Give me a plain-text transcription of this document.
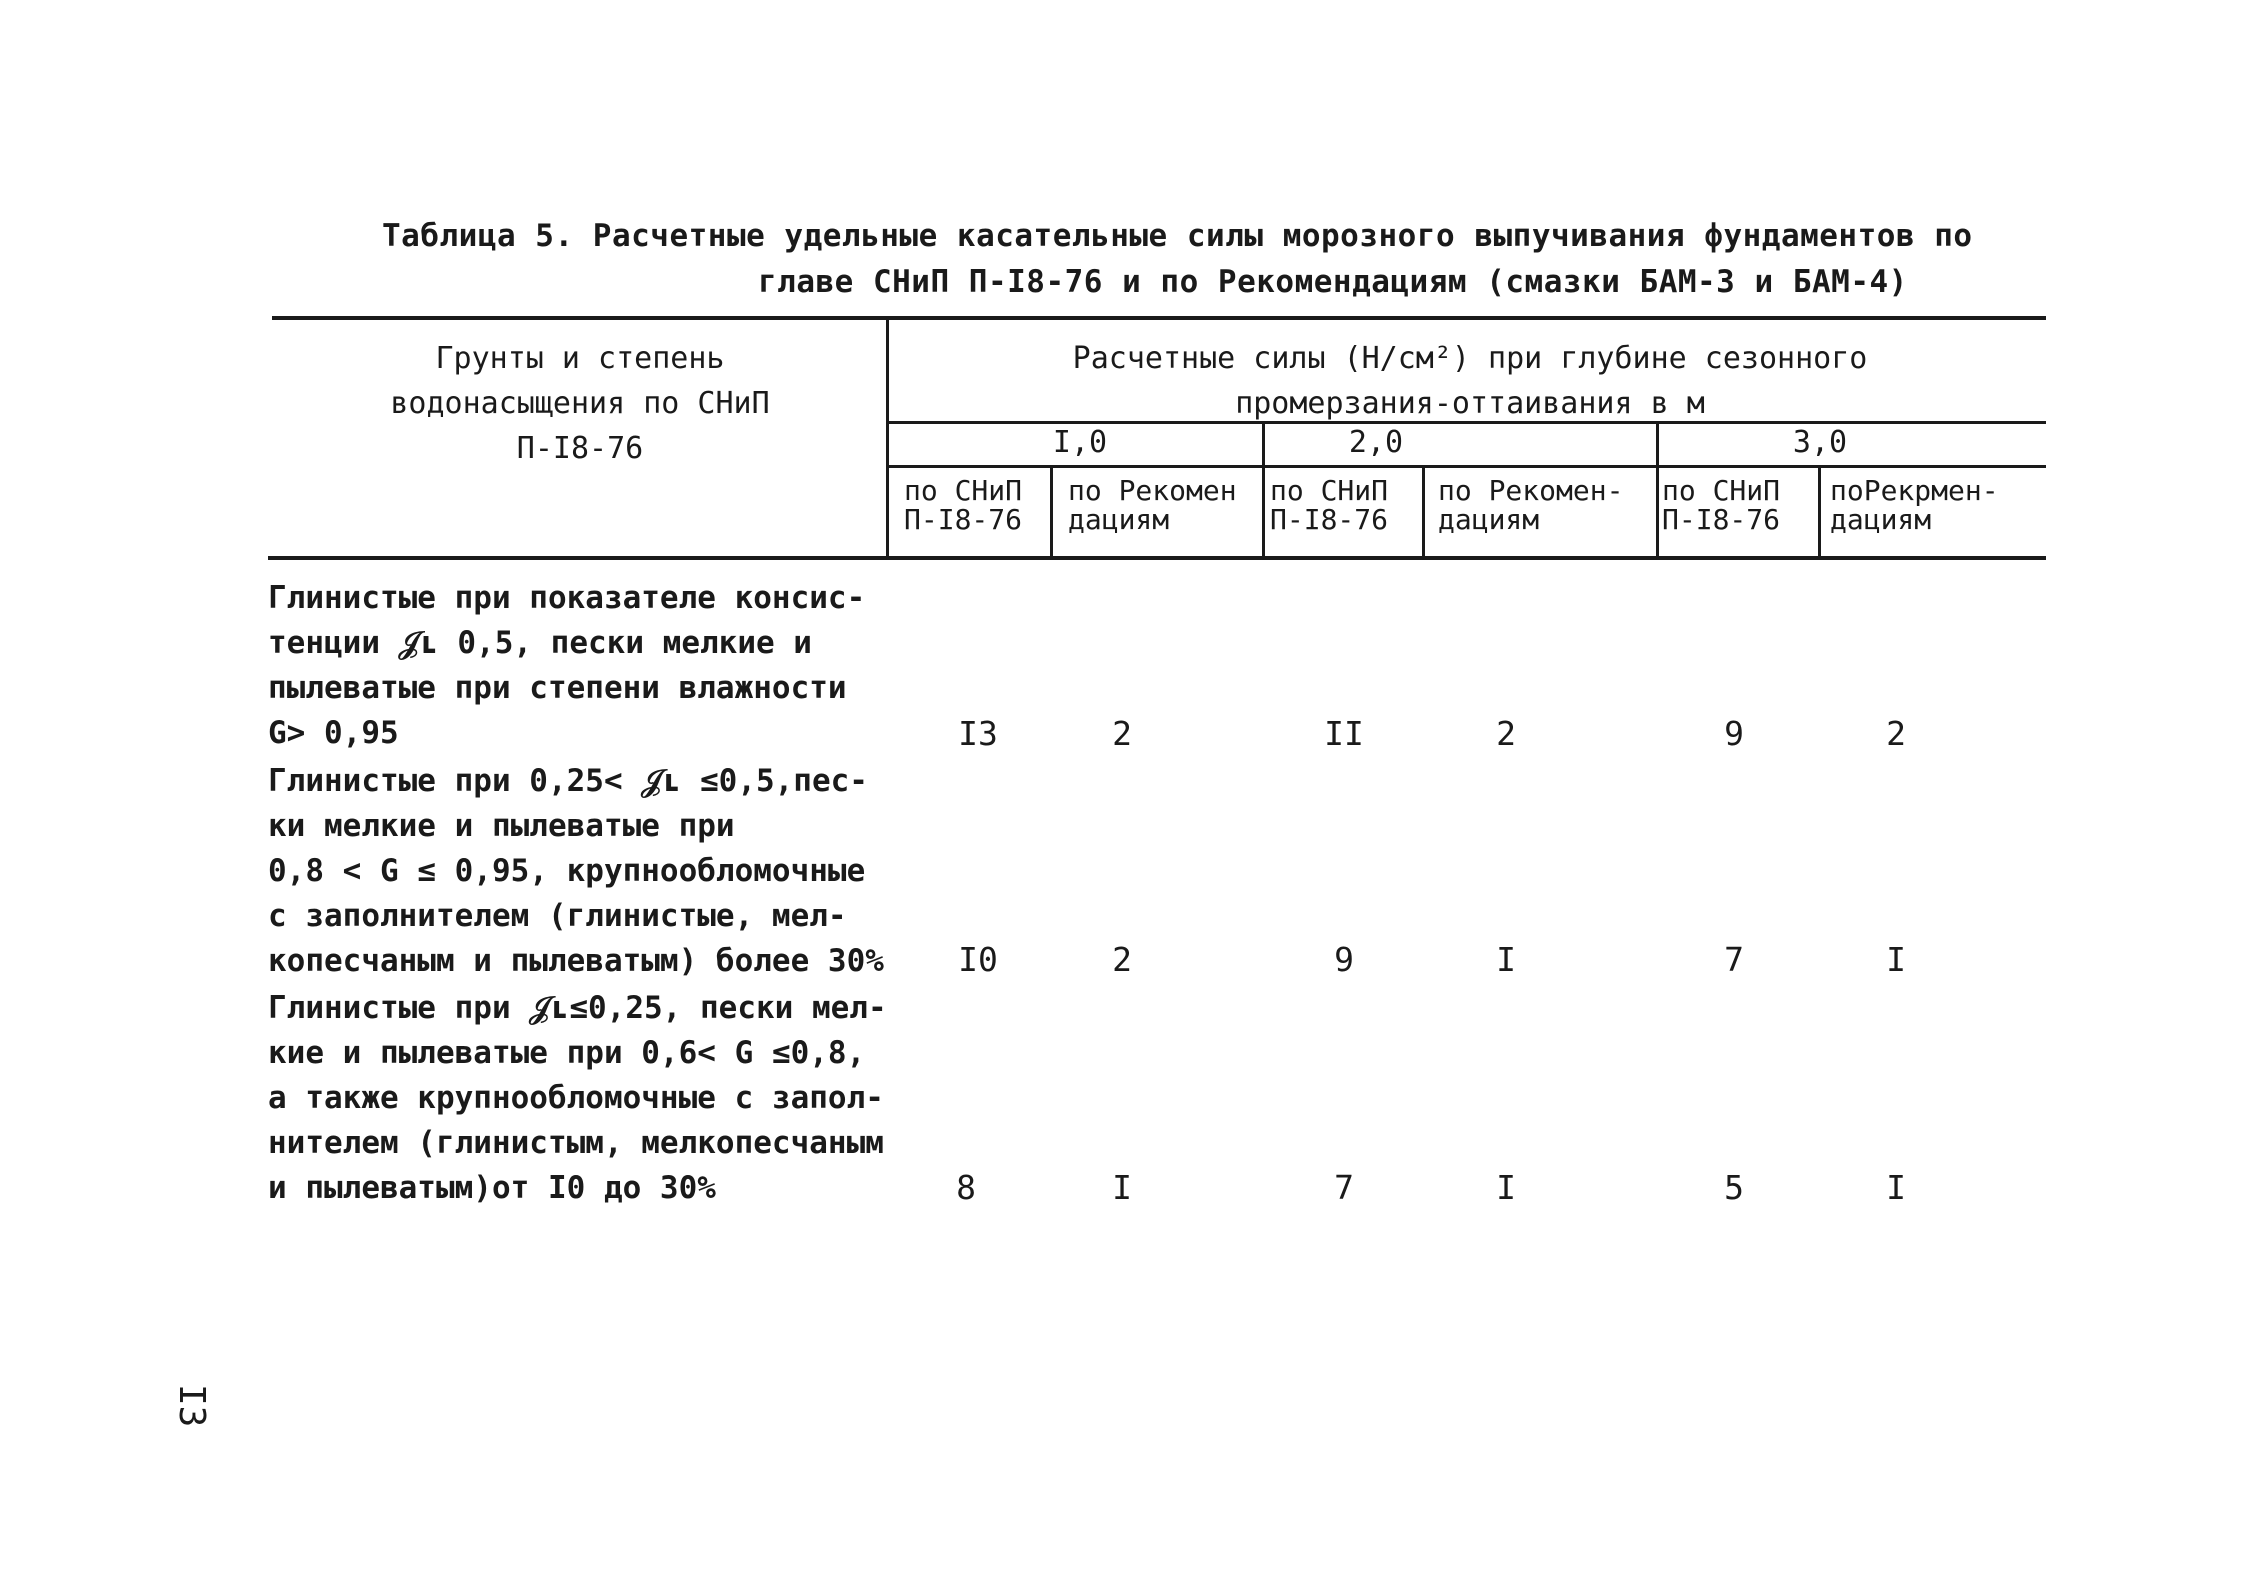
Таблица 5. Расчетные удельные касательные силы морозного выпучивания фундаментов по
главе СНиП П-I8-76 и по Рекомендациям (смазки БАМ-3 и БАМ-4)
Грунты и степень
водонасыщения по СНиП
П-I8-76
Расчетные силы (Н/см²) при глубине сезонного
промерзания-оттаивания в м
I,0	2,0	3,0
по СНиП
П-I8-76
по Рекомен
дациям
по СНиП
П-I8-76
по Рекомен-
дациям
по СНиП
П-I8-76
поРекрмен-
дациям
Глинистые при показателе консис-
тенции 𝒥ʟ 0,5, пески мелкие и
пылеватые при степени влажности
G> 0,95	I3	2	II	2	9	2
Глинистые при 0,25< 𝒥ʟ ≤0,5,пес-
ки мелкие и пылеватые при
0,8 < G ≤ 0,95, крупнообломочные
с заполнителем (глинистые, мел-
копесчаным и пылеватым) более 30%	I0	2	9	I	7	I
Глинистые при 𝒥ʟ≤0,25, пески мел-
кие и пылеватые при 0,6< G ≤0,8,
а также крупнообломочные с запол-
нителем (глинистым, мелкопесчаным
и пылеватым)от I0 до 30%	8	I	7	I	5	I
I3
